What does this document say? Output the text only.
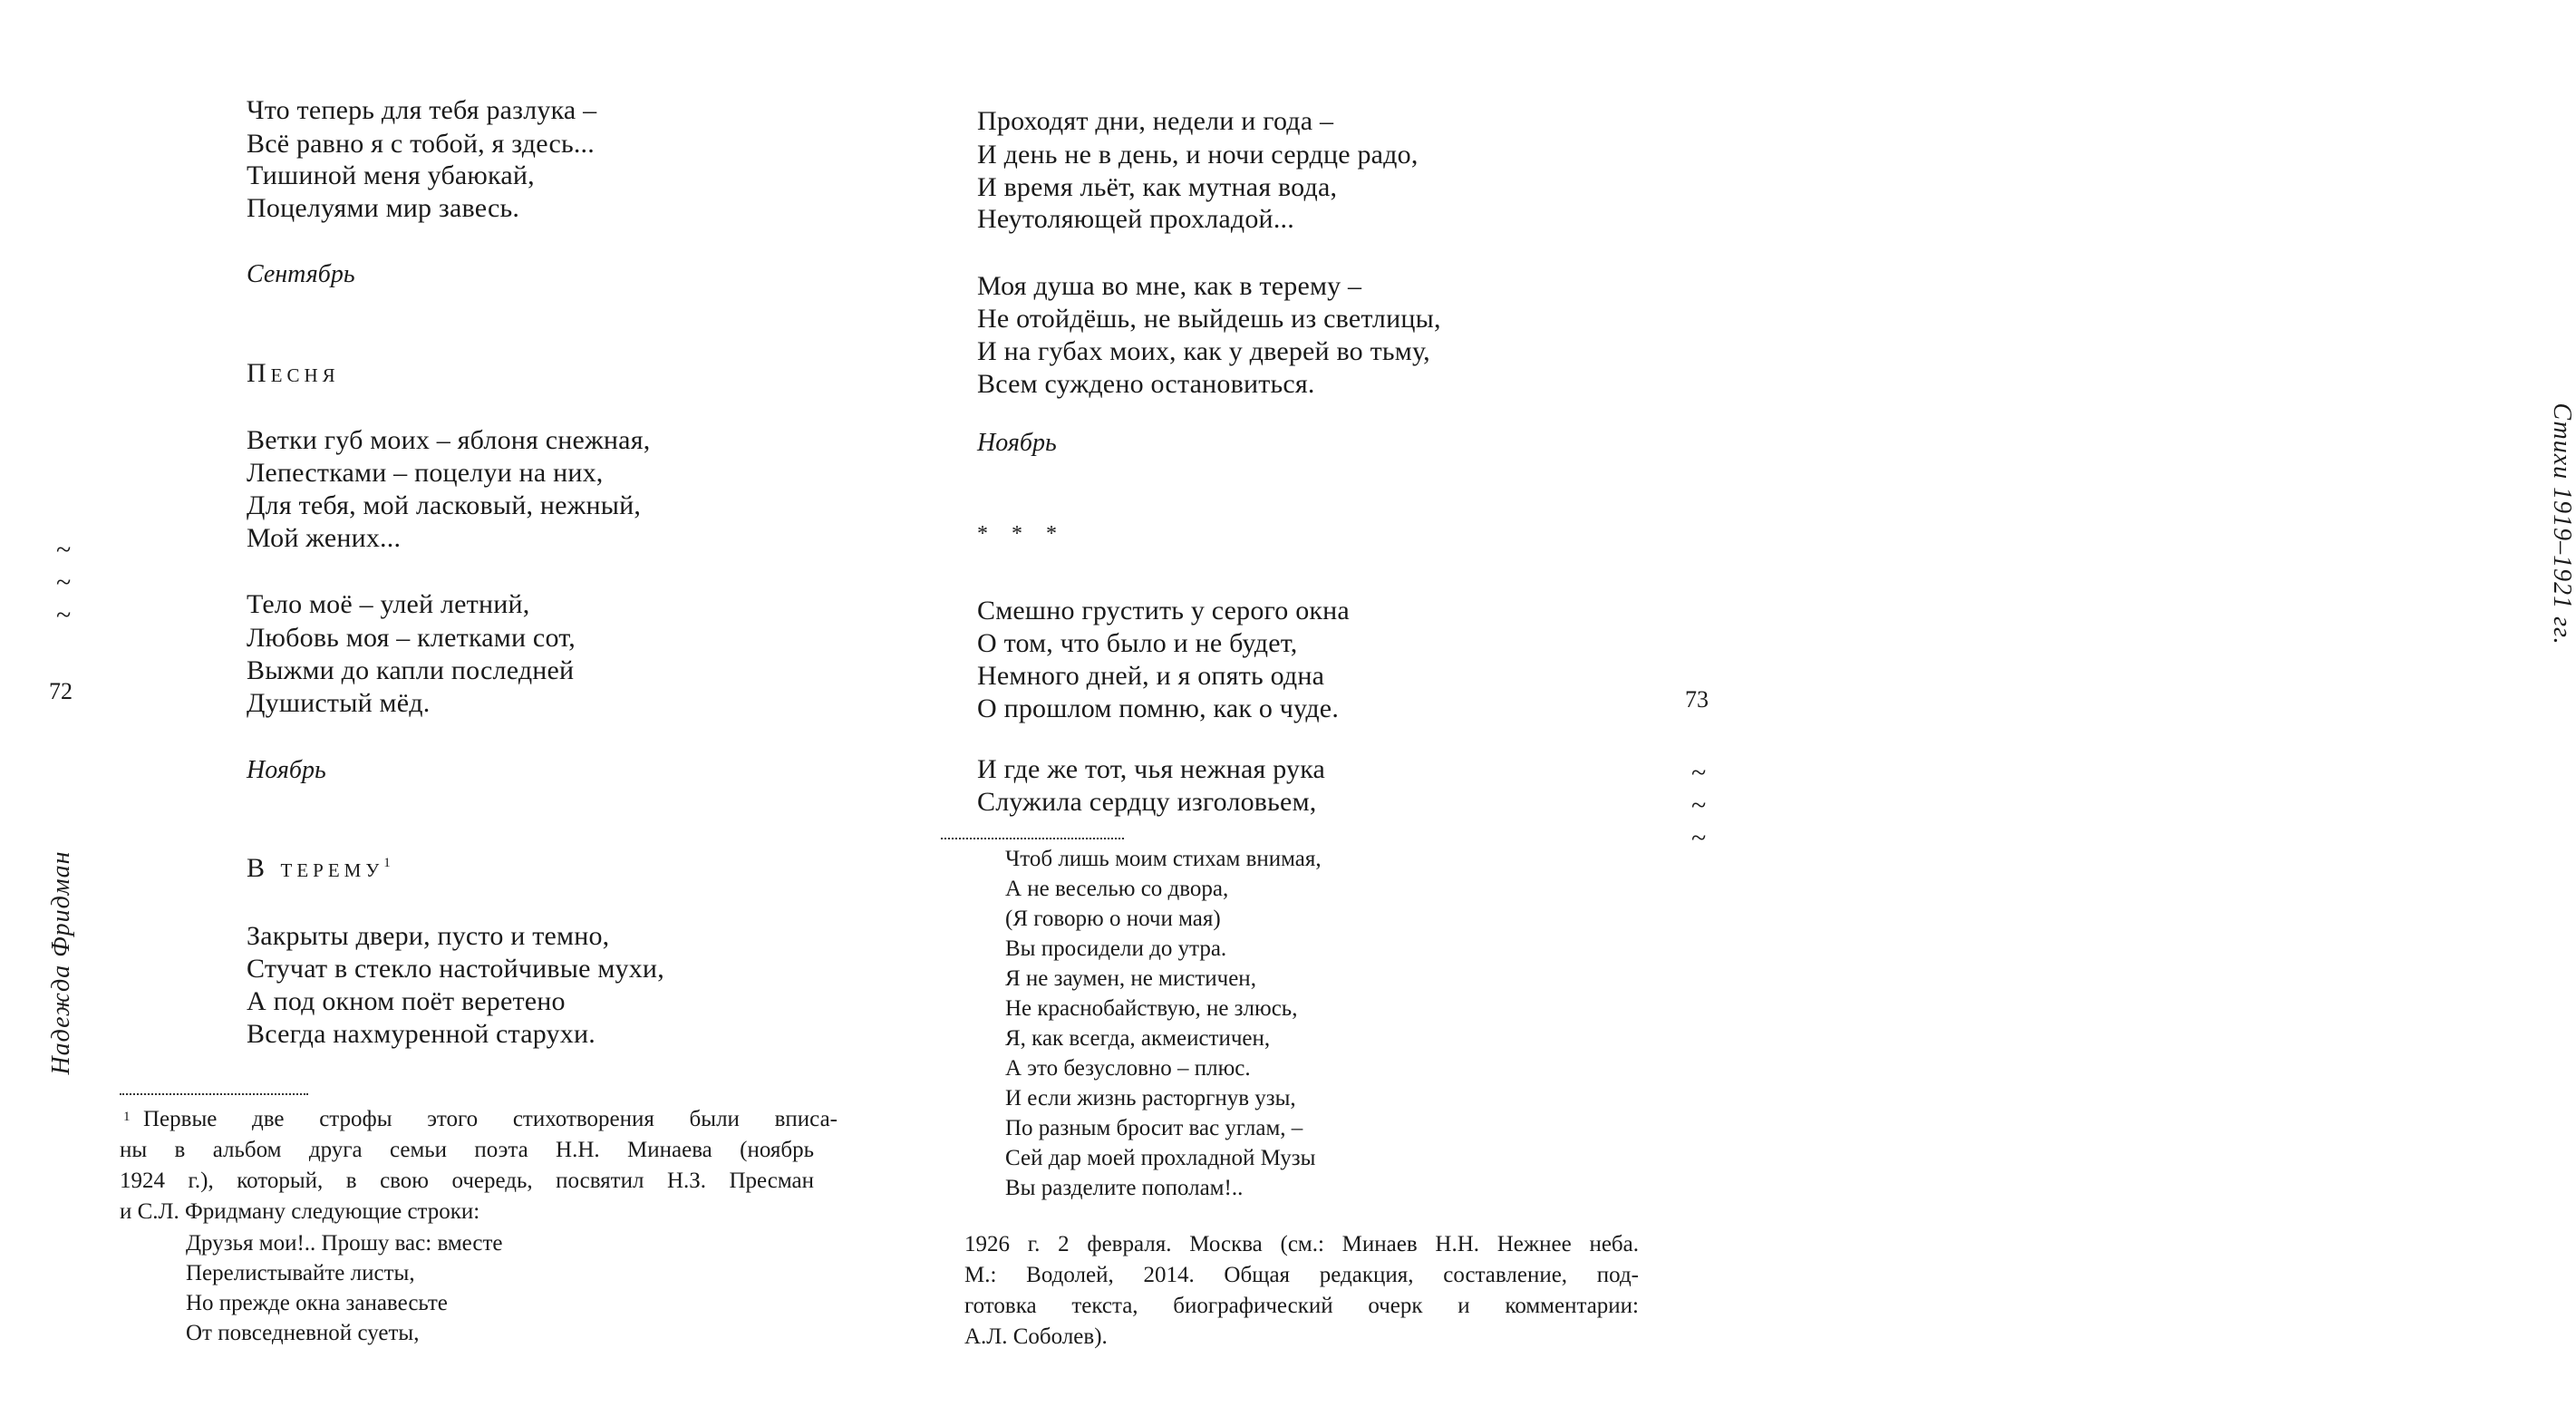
Что теперь для тебя разлука –

Всё равно я с тобой, я здесь...

Тишиной меня убаюкай,

Поцелуями мир завесь.

Сентябрь

Песня

Ветки губ моих – яблоня снежная,

Лепестками – поцелуи на них,

Для тебя, мой ласковый, нежный,

Мой жених...

Тело моё – улей летний,

Любовь моя – клетками сот,

Выжми до капли последней

Душистый мёд.

Ноябрь

В терему$^1$

Закрыты двери, пусто и темно,

Стучат в стекло настойчивые мухи,

А под окном поёт веретено

Всегда нахмуренной старухи.

1 Первые две строфы этого стихотворения были вписа-

ны в альбом друга семьи поэта Н.Н. Минаева (ноябрь

1924 г.), который, в свою очередь, посвятил Н.З. Пресман

и С.Л. Фридману следующие строки:

Друзья мои!.. Прошу вас: вместе

Перелистывайте листы,

Но прежде окна занавесьте

От повседневной суеты,

~
~
~
72
Надежда Фридман

Проходят дни, недели и года –

И день не в день, и ночи сердце радо,

И время льёт, как мутная вода,

Неутоляющей прохладой...

Моя душа во мне, как в терему –

Не отойдёшь, не выйдешь из светлицы,

И на губах моих, как у дверей во тьму,

Всем суждено остановиться.

Ноябрь

* * *

Смешно грустить у серого окна

О том, что было и не будет,

Немного дней, и я опять одна

О прошлом помню, как о чуде.

И где же тот, чья нежная рука

Служила сердцу изголовьем,

Чтоб лишь моим стихам внимая,

А не веселью со двора,

(Я говорю о ночи мая)

Вы просидели до утра.

Я не заумен, не мистичен,

Не краснобайствую, не злюсь,

Я, как всегда, акмеистичен,

А это безусловно – плюс.

И если жизнь расторгнув узы,

По разным бросит вас углам, –

Сей дар моей прохладной Музы

Вы разделите пополам!..

1926 г. 2 февраля. Москва (см.: Минаев Н.Н. Нежнее неба.

М.: Водолей, 2014. Общая редакция, составление, под-

готовка текста, биографический очерк и комментарии:

А.Л. Соболев).

Стихи 1919–1921 гг.
73
~
~
~
